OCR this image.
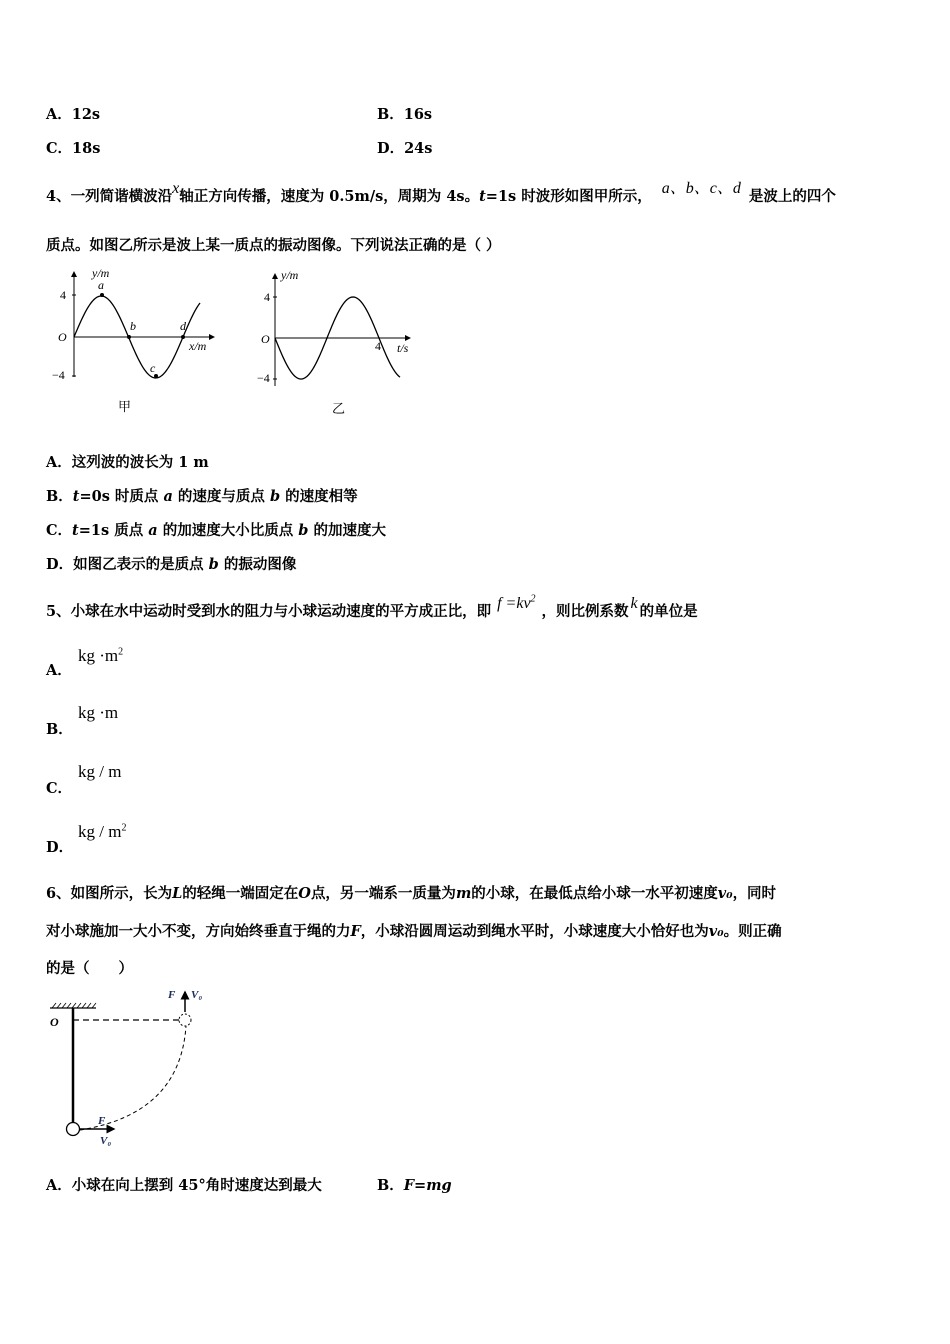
A．12s	B．16s
C．18s	D．24s
4、一列简谐横波沿x轴正方向传播，速度为 0.5m/s，周期为 4s。t=1s 时波形如图甲所示， a、b、c、d 是波上的四个
质点。如图乙所示是波上某一质点的振动图像。下列说法正确的是（ ）
y/m
x/m
O
4
−4
a
b
c
d
甲
y/m
t/s
O
4
−4
4
乙
A．这列波的波长为 1 m
B．t=0s 时质点 a 的速度与质点 b 的速度相等
C．t=1s 质点 a 的加速度大小比质点 b 的加速度大
D．如图乙表示的是质点 b 的振动图像
5、小球在水中运动时受到水的阻力与小球运动速度的平方成正比，即 $f =kv^2$，则比例系数 k 的单位是
A．
kg $\cdot m^2$
B．
kg ·m
C．
kg / m
D．
kg / $m^2$
6、如图所示，长为L的轻绳一端固定在O点，另一端系一质量为m的小球，在最低点给小球一水平初速度v₀，同时
对小球施加一大小不变，方向始终垂直于绳的力F，小球沿圆周运动到绳水平时，小球速度大小恰好也为v₀。则正确
的是（　　）
O
F V₀
F
V₀
A．小球在向上摆到 45°角时速度达到最大	B．F=mg
